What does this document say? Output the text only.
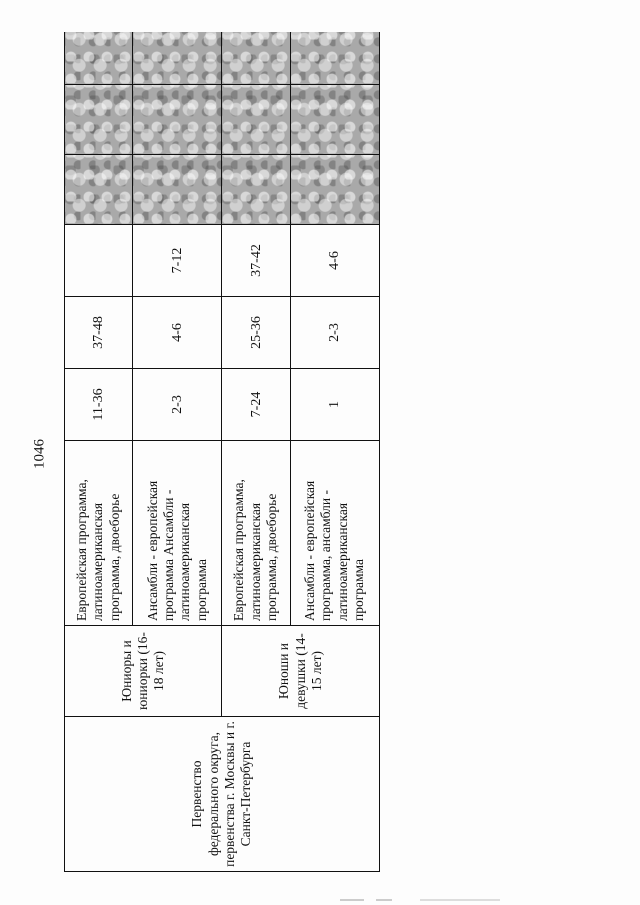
1046
Первенство федерального округа, первенства г. Москвы и г. Санкт-Петербурга	Юниоры и юниорки (16-18 лет)	Европейская программа, латиноамериканская программа, двоеборье	11-36	37-48				
		Ансамбли - европейская программа Ансамбли - латиноамериканская программа	2-3	4-6	7-12			
	Юноши и девушки (14-15 лет)	Европейская программа, латиноамериканская программа, двоеборье	7-24	25-36	37-42			
		Ансамбли - европейская программа, ансамбли - латиноамериканская программа	1	2-3	4-6			
